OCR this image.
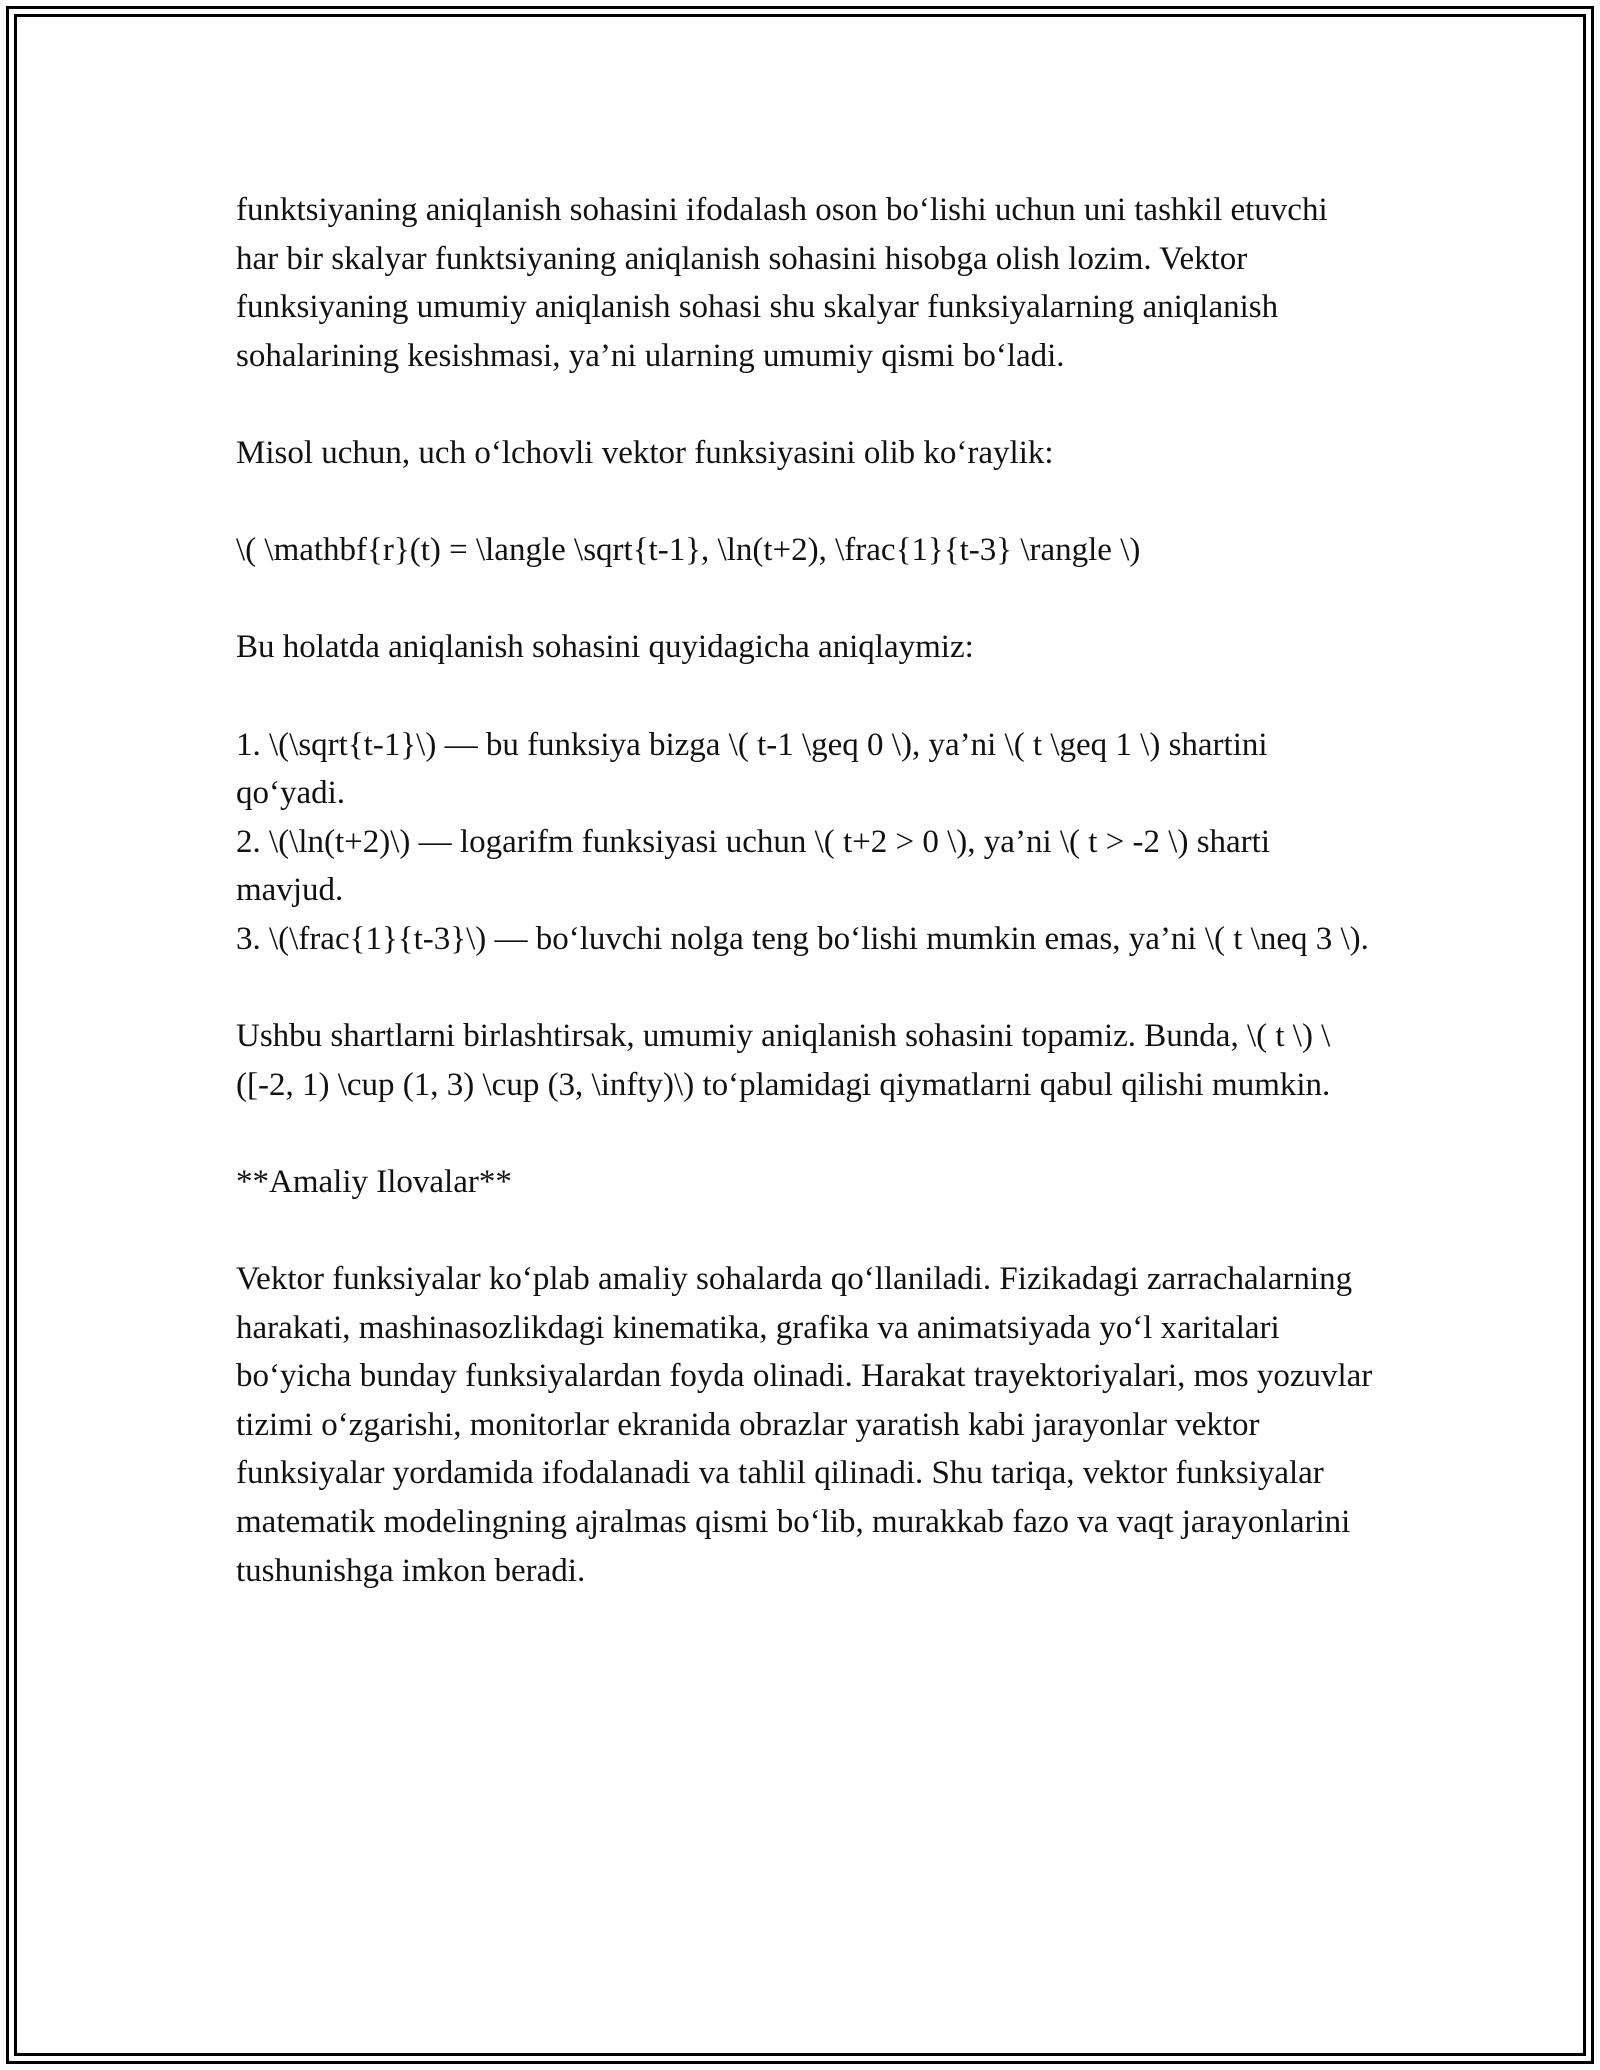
funktsiyaning aniqlanish sohasini ifodalash oson boʻlishi uchun uni tashkil etuvchi har bir skalyar funktsiyaning aniqlanish sohasini hisobga olish lozim. Vektor funksiyaning umumiy aniqlanish sohasi shu skalyar funksiyalarning aniqlanish sohalarining kesishmasi, ya’ni ularning umumiy qismi boʻladi.

Misol uchun, uch oʻlchovli vektor funksiyasini olib koʻraylik:

\( \mathbf{r}(t) = \langle \sqrt{t-1}, \ln(t+2), \frac{1}{t-3} \rangle \)

Bu holatda aniqlanish sohasini quyidagicha aniqlaymiz:

1. \(\sqrt{t-1}\) — bu funksiya bizga \( t-1 \geq 0 \), ya’ni \( t \geq 1 \) shartini qoʻyadi.

2. \(\ln(t+2)\) — logarifm funksiyasi uchun \( t+2 > 0 \), ya’ni \( t > -2 \) sharti mavjud.

3. \(\frac{1}{t-3}\) — boʻluvchi nolga teng boʻlishi mumkin emas, ya’ni \( t \neq 3 \).

Ushbu shartlarni birlashtirsak, umumiy aniqlanish sohasini topamiz. Bunda, \( t \) \([-2, 1) \cup (1, 3) \cup (3, \infty)\) toʻplamidagi qiymatlarni qabul qilishi mumkin.

**Amaliy Ilovalar**

Vektor funksiyalar koʻplab amaliy sohalarda qoʻllaniladi. Fizikadagi zarrachalarning harakati, mashinasozlikdagi kinematika, grafika va animatsiyada yoʻl xaritalari boʻyicha bunday funksiyalardan foyda olinadi. Harakat trayektoriyalari, mos yozuvlar tizimi oʻzgarishi, monitorlar ekranida obrazlar yaratish kabi jarayonlar vektor funksiyalar yordamida ifodalanadi va tahlil qilinadi. Shu tariqa, vektor funksiyalar matematik modelingning ajralmas qismi boʻlib, murakkab fazo va vaqt jarayonlarini tushunishga imkon beradi.
